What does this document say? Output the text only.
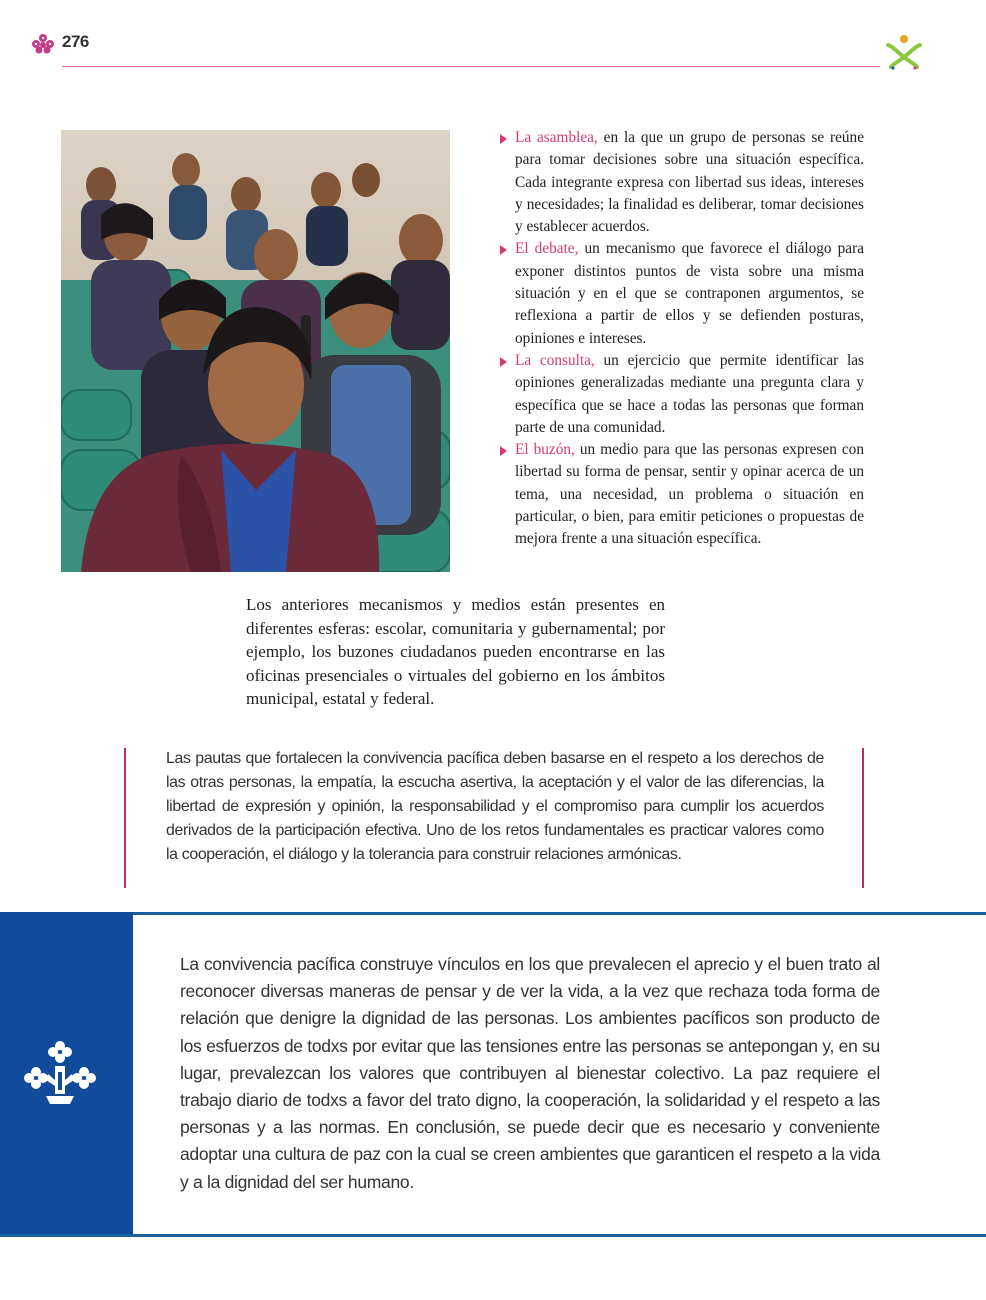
276
La asamblea, en la que un grupo de personas se reúne para tomar decisiones sobre una situación específica. Cada integrante expresa con libertad sus ideas, intereses y necesidades; la finalidad es deliberar, tomar decisiones y establecer acuerdos.
El debate, un mecanismo que favorece el diálogo para exponer distintos puntos de vista sobre una misma situación y en el que se contraponen argumentos, se reflexiona a partir de ellos y se defienden posturas, opiniones e intereses.
La consulta, un ejercicio que permite identificar las opiniones generalizadas mediante una pregunta clara y específica que se hace a todas las personas que forman parte de una comunidad.
El buzón, un medio para que las personas expresen con libertad su forma de pensar, sentir y opinar acerca de un tema, una necesidad, un problema o situación en particular, o bien, para emitir peticiones o propuestas de mejora frente a una situación específica.

Los anteriores mecanismos y medios están presentes en diferentes esferas: escolar, comunitaria y gubernamental; por ejemplo, los buzones ciudadanos pueden encontrarse en las oficinas presenciales o virtuales del gobierno en los ámbitos municipal, estatal y federal.

Las pautas que fortalecen la convivencia pacífica deben basarse en el respeto a los derechos de las otras personas, la empatía, la escucha asertiva, la aceptación y el valor de las diferencias, la libertad de expresión y opinión, la responsabilidad y el compromiso para cumplir los acuerdos derivados de la participación efectiva. Uno de los retos fundamentales es practicar valores como la cooperación, el diálogo y la tolerancia para construir relaciones armónicas.

La convivencia pacífica construye vínculos en los que prevalecen el aprecio y el buen trato al reconocer diversas maneras de pensar y de ver la vida, a la vez que rechaza toda forma de relación que denigre la dignidad de las personas. Los ambientes pacíficos son producto de los esfuerzos de todxs por evitar que las tensiones entre las personas se antepongan y, en su lugar, prevalezcan los valores que contribuyen al bienestar colectivo. La paz requiere el trabajo diario de todxs a favor del trato digno, la cooperación, la solidaridad y el respeto a las personas y a las normas. En conclusión, se puede decir que es necesario y conveniente adoptar una cultura de paz con la cual se creen ambientes que garanticen el respeto a la vida y a la dignidad del ser humano.
